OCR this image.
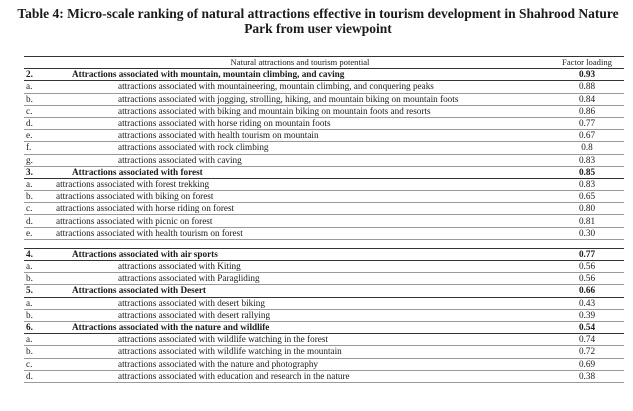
Table 4: Micro-scale ranking of natural attractions effective in tourism development in Shahrood Nature Park from user viewpoint
	Natural attractions and tourism potential	Factor loading
2.	Attractions associated with mountain, mountain climbing, and caving	0.93
a.	attractions associated with mountaineering, mountain climbing, and conquering peaks	0.88
b.	attractions associated with jogging, strolling, hiking, and mountain biking on mountain foots	0.84
c.	attractions associated with biking and mountain biking on mountain foots and resorts	0.86
d.	attractions associated with horse riding on mountain foots	0.77
e.	attractions associated with health tourism on mountain	0.67
f.	attractions associated with rock climbing	0.8
g.	attractions associated with caving	0.83
3.	Attractions associated with forest	0.85
a.	attractions associated with forest trekking	0.83
b.	attractions associated with biking on forest	0.65
c.	attractions associated with horse riding on forest	0.80
d.	attractions associated with picnic on forest	0.81
e.	attractions associated with health tourism on forest	0.30

4.	Attractions associated with air sports	0.77
a.	attractions associated with Kiting	0.56
b.	attractions associated with Paragliding	0.56
5.	Attractions associated with Desert	0.66
a.	attractions associated with desert biking	0.43
b.	attractions associated with desert rallying	0.39
6.	Attractions associated with the nature and wildlife	0.54
a.	attractions associated with wildlife watching in the forest	0.74
b.	attractions associated with wildlife watching in the mountain	0.72
c.	attractions associated with the nature and photography	0.69
d.	attractions associated with education and research in the nature	0.38
